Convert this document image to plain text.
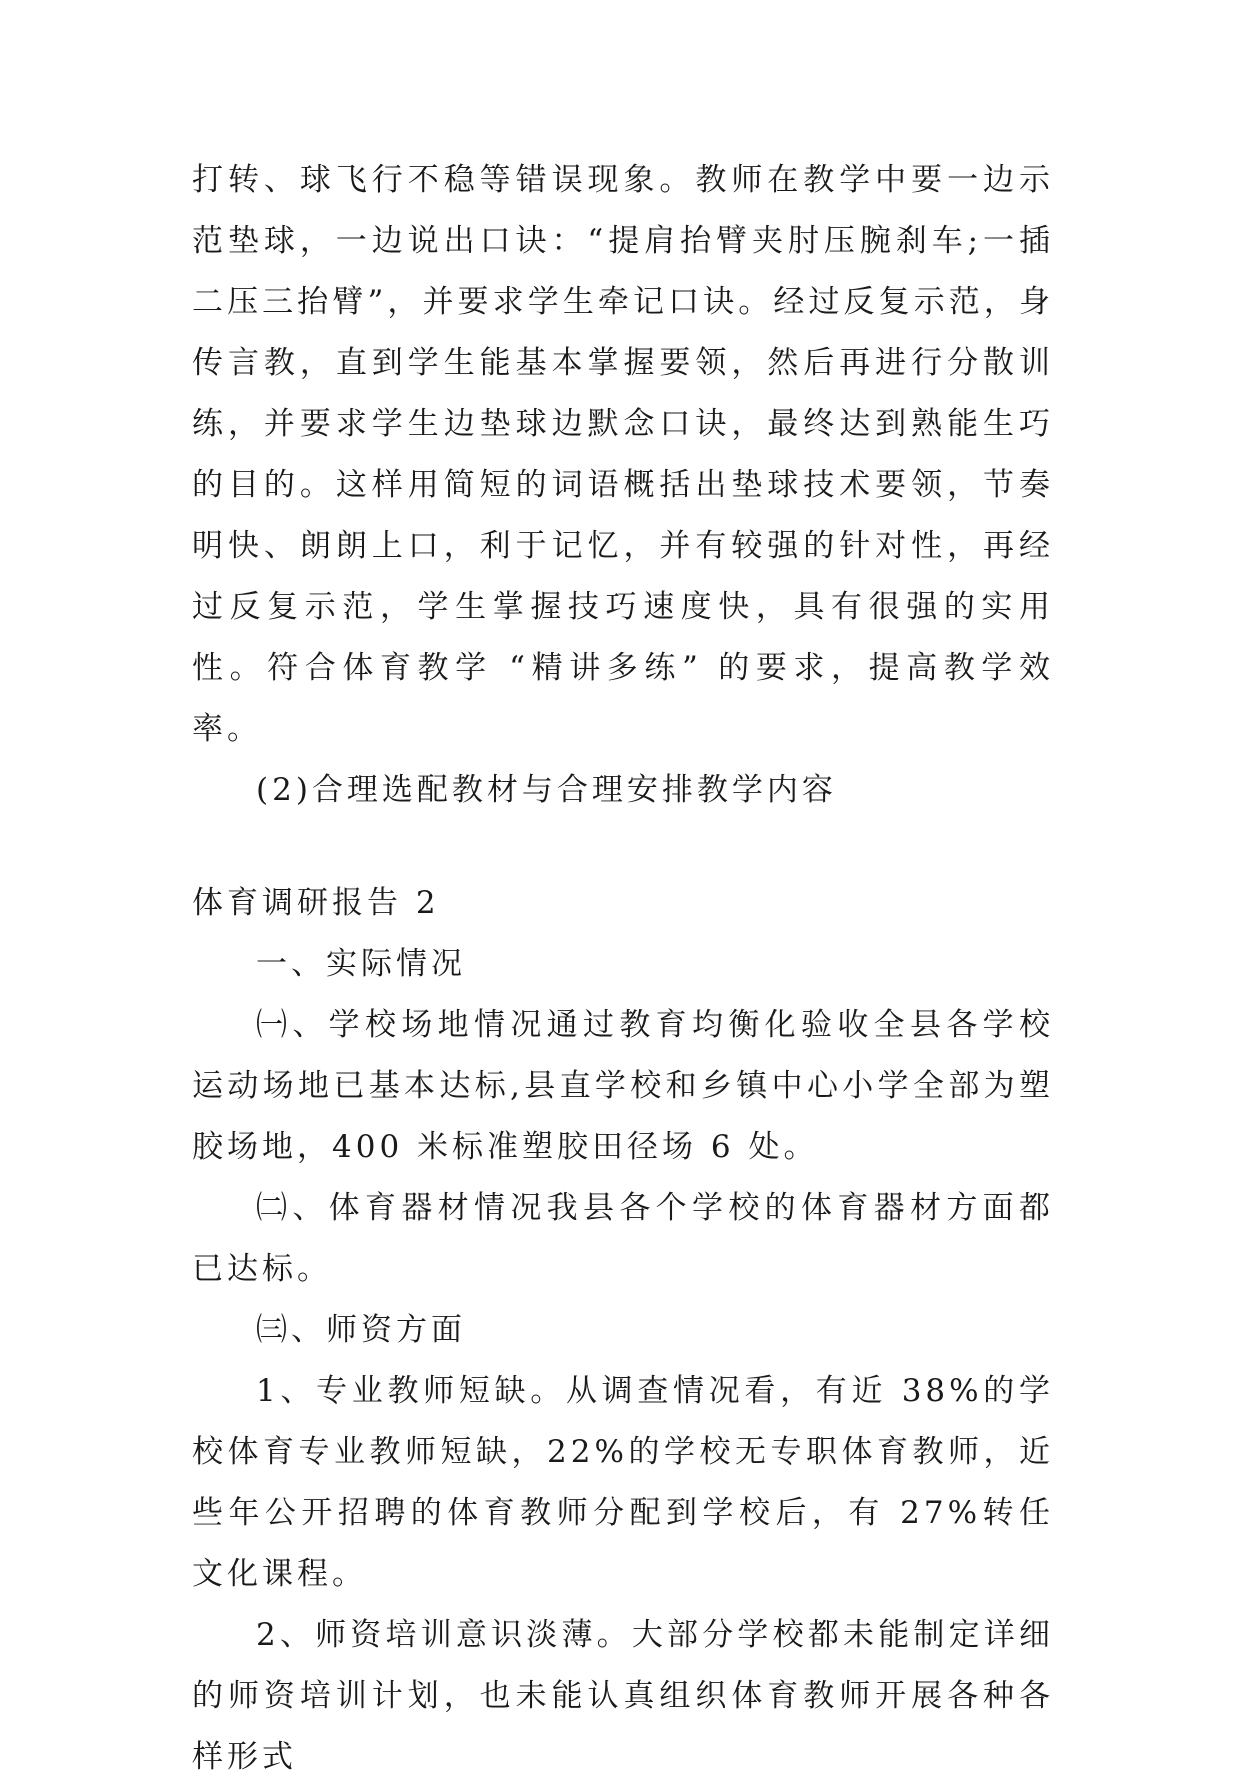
打转、球飞行不稳等错误现象。教师在教学中要一边示范垫球，一边说出口诀：“提肩抬臂夹肘压腕刹车;一插二压三抬臂”，并要求学生牵记口诀。经过反复示范，身传言教，直到学生能基本掌握要领，然后再进行分散训练，并要求学生边垫球边默念口诀，最终达到熟能生巧的目的。这样用简短的词语概括出垫球技术要领，节奏明快、朗朗上口，利于记忆，并有较强的针对性，再经过反复示范，学生掌握技巧速度快，具有很强的实用性。符合体育教学 “精讲多练” 的要求，提高教学效率。

(2)合理选配教材与合理安排教学内容

体育调研报告 2

一、实际情况

㈠、学校场地情况通过教育均衡化验收全县各学校运动场地已基本达标,县直学校和乡镇中心小学全部为塑胶场地，400 米标准塑胶田径场 6 处。

㈡、体育器材情况我县各个学校的体育器材方面都已达标。

㈢、师资方面

1、专业教师短缺。从调查情况看，有近 38%的学校体育专业教师短缺，22%的学校无专职体育教师，近些年公开招聘的体育教师分配到学校后，有 27%转任文化课程。

2、师资培训意识淡薄。大部分学校都未能制定详细的师资培训计划，也未能认真组织体育教师开展各种各样形式
